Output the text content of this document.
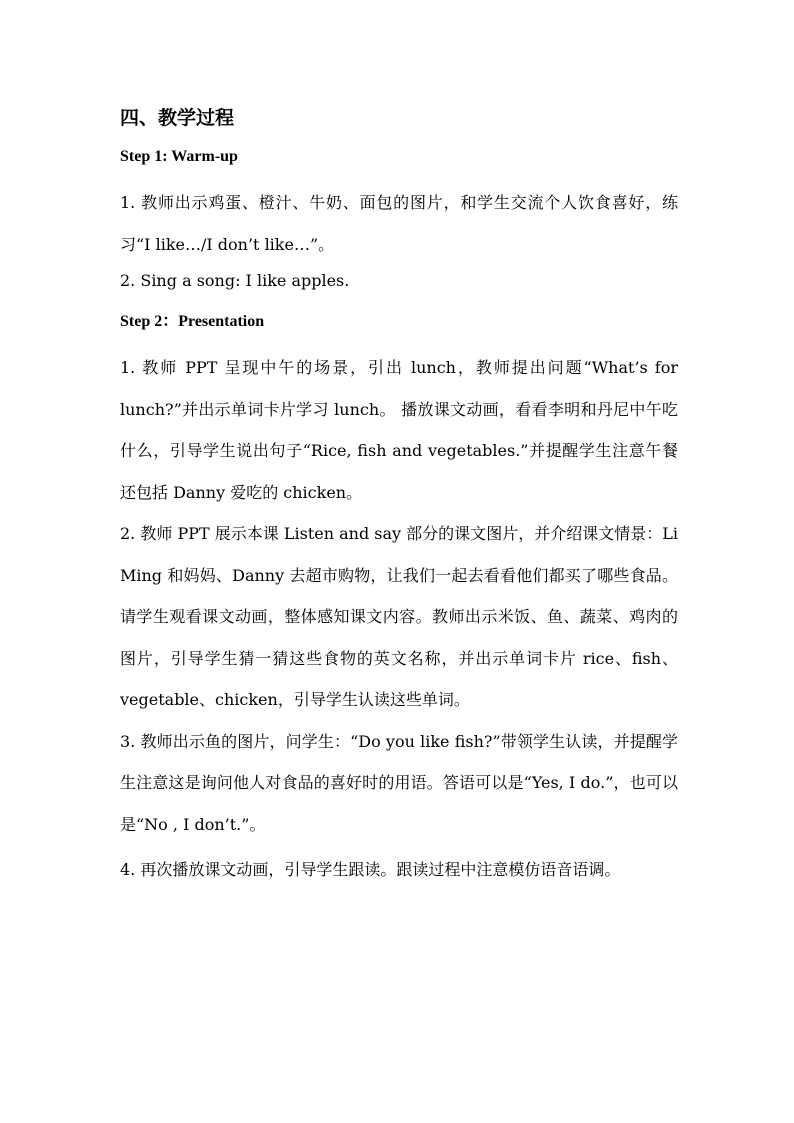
四、教学过程
Step 1: Warm-up

1. 教师出示鸡蛋、橙汁、牛奶、面包的图片，和学生交流个人饮食喜好，练习“I like…/I don’t like…”。

2. Sing a song: I like apples.

Step 2：Presentation

1. 教师 PPT 呈现中午的场景，引出 lunch，教师提出问题“What’s for lunch?”并出示单词卡片学习 lunch。 播放课文动画，看看李明和丹尼中午吃什么，引导学生说出句子“Rice, fish and vegetables.”并提醒学生注意午餐还包括 Danny 爱吃的 chicken。

2. 教师 PPT 展示本课 Listen and say 部分的课文图片，并介绍课文情景：Li Ming 和妈妈、Danny 去超市购物，让我们一起去看看他们都买了哪些食品。请学生观看课文动画，整体感知课文内容。教师出示米饭、鱼、蔬菜、鸡肉的图片，引导学生猜一猜这些食物的英文名称，并出示单词卡片 rice、fish、vegetable、chicken，引导学生认读这些单词。

3. 教师出示鱼的图片，问学生：“Do you like fish?”带领学生认读，并提醒学生注意这是询问他人对食品的喜好时的用语。答语可以是“Yes, I do.”，也可以是“No , I don’t.”。

4. 再次播放课文动画，引导学生跟读。跟读过程中注意模仿语音语调。
